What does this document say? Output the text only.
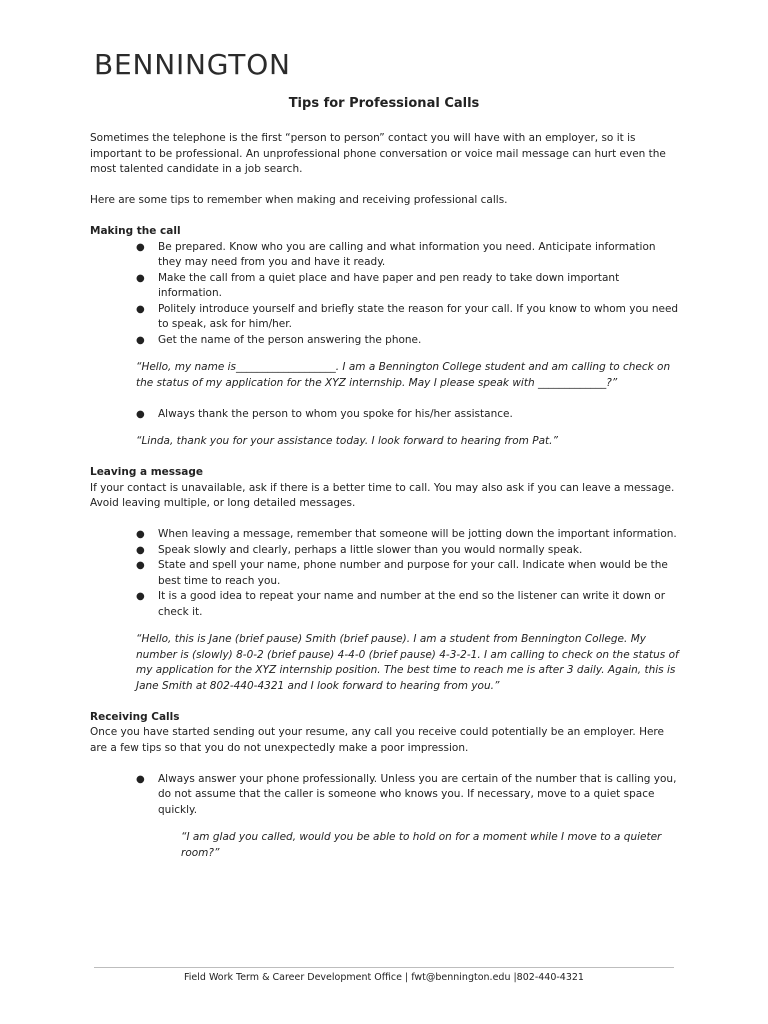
BENNINGTON
Tips for Professional Calls

Sometimes the telephone is the first “person to person” contact you will have with an employer, so it is important to be professional. An unprofessional phone conversation or voice mail message can hurt even the most talented candidate in a job search.

Here are some tips to remember when making and receiving professional calls.

Making the call
● Be prepared. Know who you are calling and what information you need. Anticipate information they may need from you and have it ready.
● Make the call from a quiet place and have paper and pen ready to take down important information.
● Politely introduce yourself and briefly state the reason for your call. If you know to whom you need to speak, ask for him/her.
● Get the name of the person answering the phone.

“Hello, my name is___________________. I am a Bennington College student and am calling to check on the status of my application for the XYZ internship. May I please speak with _____________?”

● Always thank the person to whom you spoke for his/her assistance.

“Linda, thank you for your assistance today. I look forward to hearing from Pat.”

Leaving a message

If your contact is unavailable, ask if there is a better time to call. You may also ask if you can leave a message. Avoid leaving multiple, or long detailed messages.

● When leaving a message, remember that someone will be jotting down the important information.
● Speak slowly and clearly, perhaps a little slower than you would normally speak.
● State and spell your name, phone number and purpose for your call. Indicate when would be the best time to reach you.
● It is a good idea to repeat your name and number at the end so the listener can write it down or check it.

“Hello, this is Jane (brief pause) Smith (brief pause). I am a student from Bennington College. My number is (slowly) 8-0-2 (brief pause) 4-4-0 (brief pause) 4-3-2-1. I am calling to check on the status of my application for the XYZ internship position. The best time to reach me is after 3 daily. Again, this is Jane Smith at 802-440-4321 and I look forward to hearing from you.”

Receiving Calls

Once you have started sending out your resume, any call you receive could potentially be an employer. Here are a few tips so that you do not unexpectedly make a poor impression.

● Always answer your phone professionally. Unless you are certain of the number that is calling you, do not assume that the caller is someone who knows you. If necessary, move to a quiet space quickly.

“I am glad you called, would you be able to hold on for a moment while I move to a quieter room?”

Field Work Term & Career Development Office | fwt@bennington.edu |802-440-4321
